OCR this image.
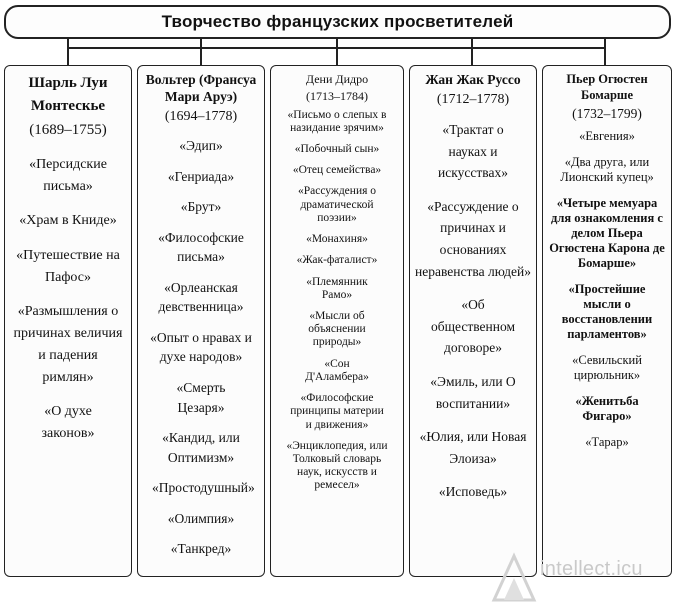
Творчество французских просветителей
Шарль Луи Монтескье
(1689–1755)
«Персидские письма»
«Храм в Книде»
«Путешествие на Пафос»
«Размышления о причинах величия и падения римлян»
«О духе законов»
Вольтер (Франсуа Мари Аруэ)
(1694–1778)
«Эдип»
«Генриада»
«Брут»
«Философские письма»
«Орлеанская девственница»
«Опыт о нравах и духе народов»
«Смерть Цезаря»
«Кандид, или Оптимизм»
«Простодушный»
«Олимпия»
«Танкред»
Дени Дидро
(1713–1784)
«Письмо о слепых в назидание зрячим»
«Побочный сын»
«Отец семейства»
«Рассуждения о драматической поэзии»
«Монахиня»
«Жак-фаталист»
«Племянник Рамо»
«Мысли об объяснении природы»
«Сон Д'Аламбера»
«Философские принципы материи и движения»
«Энциклопедия, или Толковый словарь наук, искусств и ремесел»
Жан Жак Руссо
(1712–1778)
«Трактат о науках и искусствах»
«Рассуждение о причинах и основаниях неравенства людей»
«Об общественном договоре»
«Эмиль, или О воспитании»
«Юлия, или Новая Элоиза»
«Исповедь»
Пьер Огюстен Бомарше
(1732–1799)
«Евгения»
«Два друга, или Лионский купец»
«Четыре мемуара для ознакомления с делом Пьера Огюстена Карона де Бомарше»
«Простейшие мысли о восстановлении парламентов»
«Севильский цирюльник»
«Женитьба Фигаро»
«Тарар»
intellect.icu
